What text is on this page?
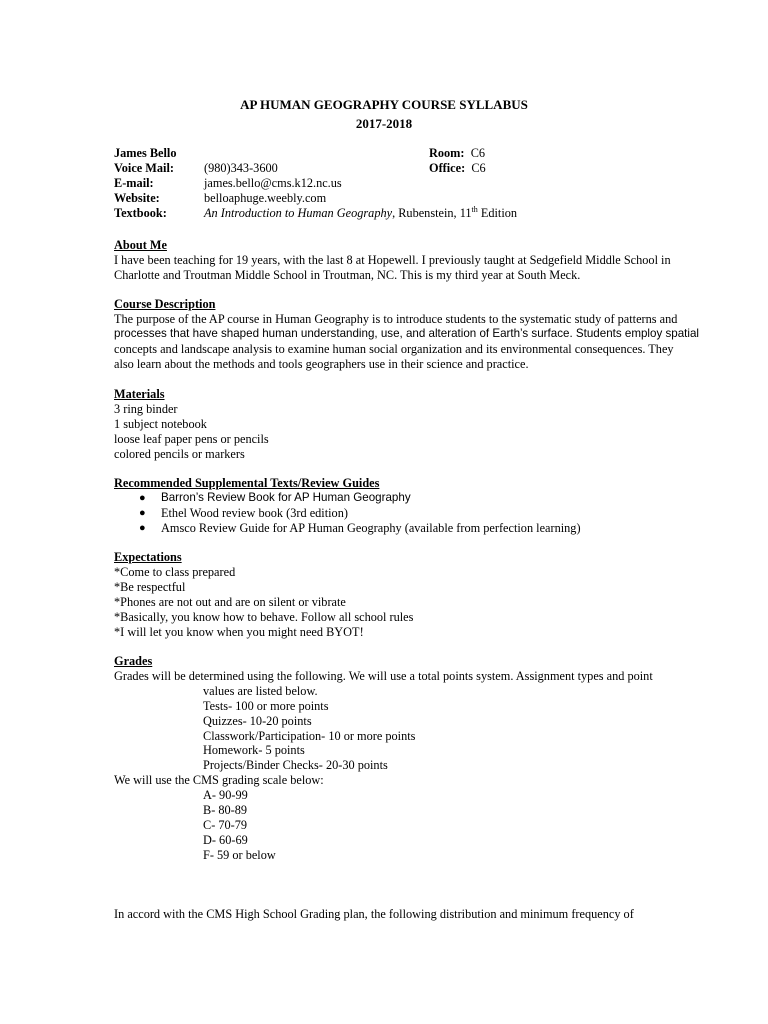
AP HUMAN GEOGRAPHY COURSE SYLLABUS
2017-2018
James Bello	Room: C6
Voice Mail: (980)343-3600	Office: C6
E-mail:	james.bello@cms.k12.nc.us
Website:	belloaphuge.weebly.com
Textbook:	An Introduction to Human Geography, Rubenstein, 11th Edition
About Me

I have been teaching for 19 years, with the last 8 at Hopewell. I previously taught at Sedgefield Middle School in

Charlotte and Troutman Middle School in Troutman, NC. This is my third year at South Meck.

Course Description

The purpose of the AP course in Human Geography is to introduce students to the systematic study of patterns and

processes that have shaped human understanding, use, and alteration of Earth’s surface. Students employ spatial

concepts and landscape analysis to examine human social organization and its environmental consequences. They

also learn about the methods and tools geographers use in their science and practice.

Materials

3 ring binder

1 subject notebook

loose leaf paper pens or pencils

colored pencils or markers

Recommended Supplemental Texts/Review Guides
● Barron’s Review Book for AP Human Geography
● Ethel Wood review book (3rd edition)
● Amsco Review Guide for AP Human Geography (available from perfection learning)
Expectations

*Come to class prepared

*Be respectful

*Phones are not out and are on silent or vibrate

*Basically, you know how to behave. Follow all school rules

*I will let you know when you might need BYOT!

Grades

Grades will be determined using the following. We will use a total points system. Assignment types and point

values are listed below.

Tests- 100 or more points

Quizzes- 10-20 points

Classwork/Participation- 10 or more points

Homework- 5 points

Projects/Binder Checks- 20-30 points

We will use the CMS grading scale below:

A- 90-99

B- 80-89

C- 70-79

D- 60-69

F- 59 or below

In accord with the CMS High School Grading plan, the following distribution and minimum frequency of
